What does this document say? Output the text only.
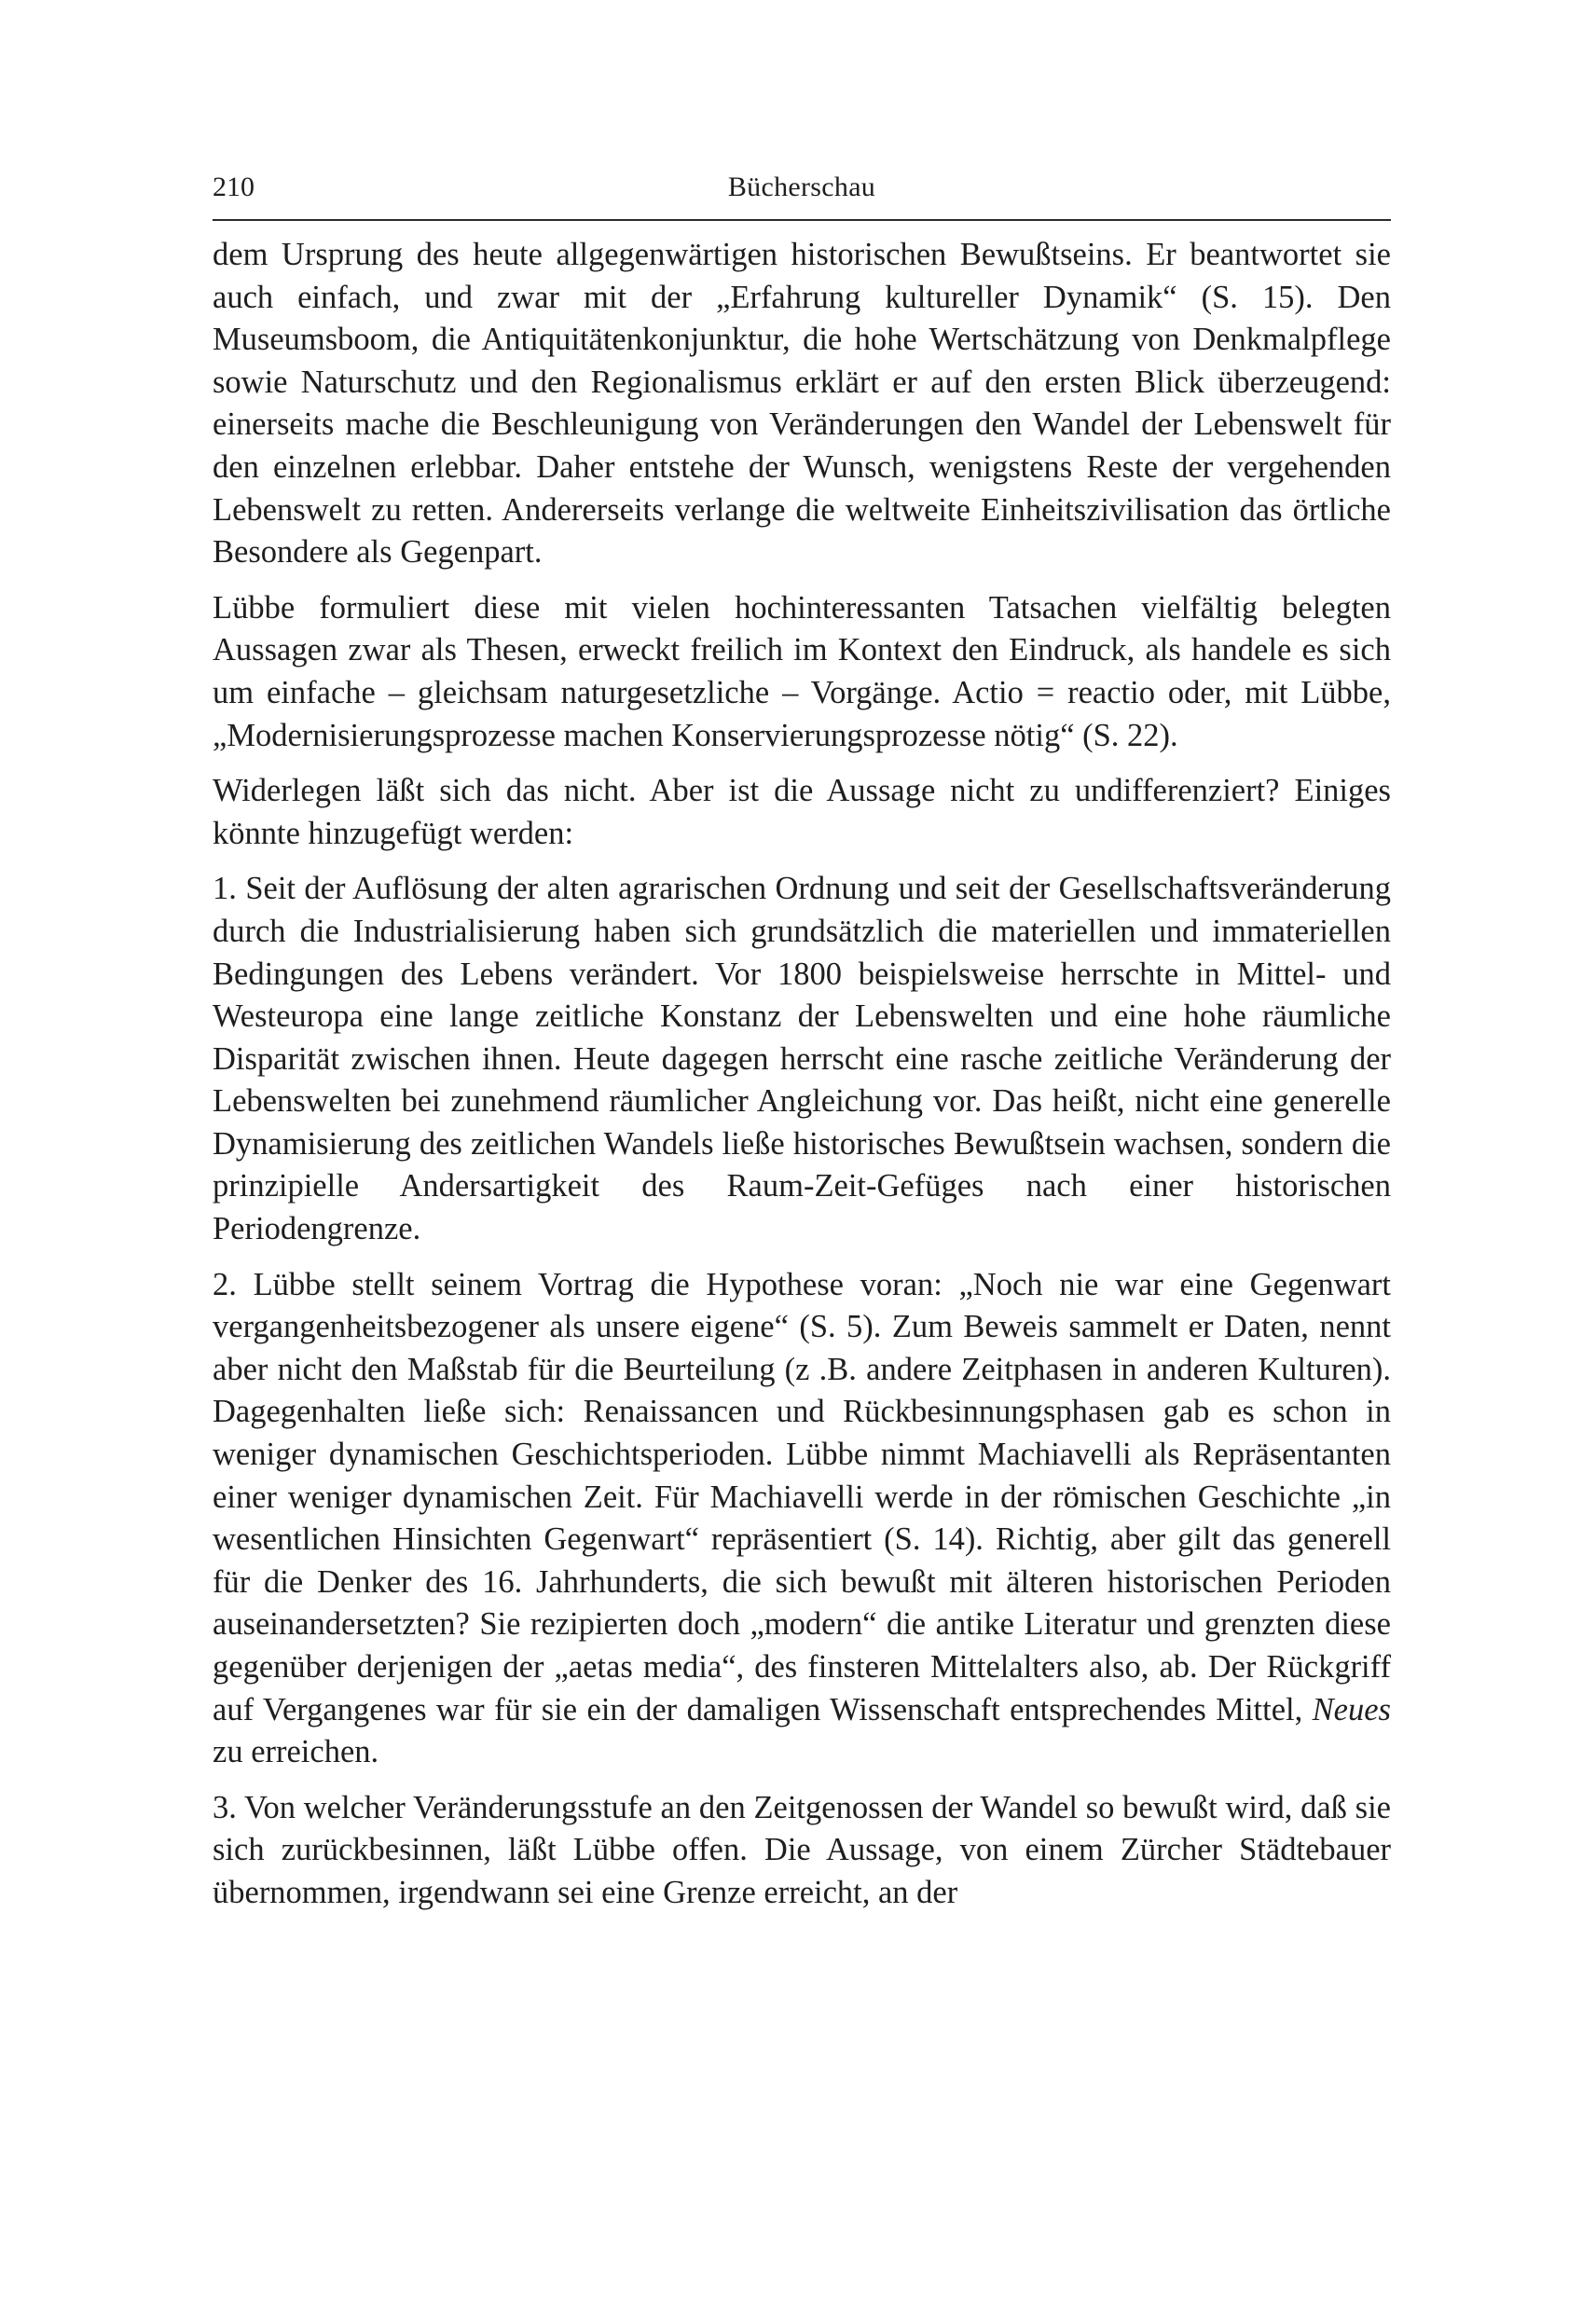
210	Bücherschau

dem Ursprung des heute allgegenwärtigen historischen Bewußtseins. Er beantwortet sie auch einfach, und zwar mit der „Erfahrung kultureller Dynamik“ (S. 15). Den Museumsboom, die Antiquitätenkonjunktur, die hohe Wertschätzung von Denkmalpflege sowie Naturschutz und den Regionalismus erklärt er auf den ersten Blick überzeugend: einerseits mache die Beschleunigung von Veränderungen den Wandel der Lebenswelt für den einzelnen erlebbar. Daher entstehe der Wunsch, wenigstens Reste der vergehenden Lebenswelt zu retten. Andererseits verlange die weltweite Einheitszivilisation das örtliche Besondere als Gegenpart.

Lübbe formuliert diese mit vielen hochinteressanten Tatsachen vielfältig belegten Aussagen zwar als Thesen, erweckt freilich im Kontext den Eindruck, als handele es sich um einfache – gleichsam naturgesetzliche – Vorgänge. Actio = reactio oder, mit Lübbe, „Modernisierungsprozesse machen Konservierungsprozesse nötig“ (S. 22).

Widerlegen läßt sich das nicht. Aber ist die Aussage nicht zu undifferenziert? Einiges könnte hinzugefügt werden:

1. Seit der Auflösung der alten agrarischen Ordnung und seit der Gesellschaftsveränderung durch die Industrialisierung haben sich grundsätzlich die materiellen und immateriellen Bedingungen des Lebens verändert. Vor 1800 beispielsweise herrschte in Mittel- und Westeuropa eine lange zeitliche Konstanz der Lebenswelten und eine hohe räumliche Disparität zwischen ihnen. Heute dagegen herrscht eine rasche zeitliche Veränderung der Lebenswelten bei zunehmend räumlicher Angleichung vor. Das heißt, nicht eine generelle Dynamisierung des zeitlichen Wandels ließe historisches Bewußtsein wachsen, sondern die prinzipielle Andersartigkeit des Raum-Zeit-Gefüges nach einer historischen Periodengrenze.

2. Lübbe stellt seinem Vortrag die Hypothese voran: „Noch nie war eine Gegenwart vergangenheitsbezogener als unsere eigene“ (S. 5). Zum Beweis sammelt er Daten, nennt aber nicht den Maßstab für die Beurteilung (z .B. andere Zeitphasen in anderen Kulturen). Dagegenhalten ließe sich: Renaissancen und Rückbesinnungsphasen gab es schon in weniger dynamischen Geschichtsperioden. Lübbe nimmt Machiavelli als Repräsentanten einer weniger dynamischen Zeit. Für Machiavelli werde in der römischen Geschichte „in wesentlichen Hinsichten Gegenwart“ repräsentiert (S. 14). Richtig, aber gilt das generell für die Denker des 16. Jahrhunderts, die sich bewußt mit älteren historischen Perioden auseinandersetzten? Sie rezipierten doch „modern“ die antike Literatur und grenzten diese gegenüber derjenigen der „aetas media“, des finsteren Mittelalters also, ab. Der Rückgriff auf Vergangenes war für sie ein der damaligen Wissenschaft entsprechendes Mittel, Neues zu erreichen.

3. Von welcher Veränderungsstufe an den Zeitgenossen der Wandel so bewußt wird, daß sie sich zurückbesinnen, läßt Lübbe offen. Die Aussage, von einem Zürcher Städtebauer übernommen, irgendwann sei eine Grenze erreicht, an der
